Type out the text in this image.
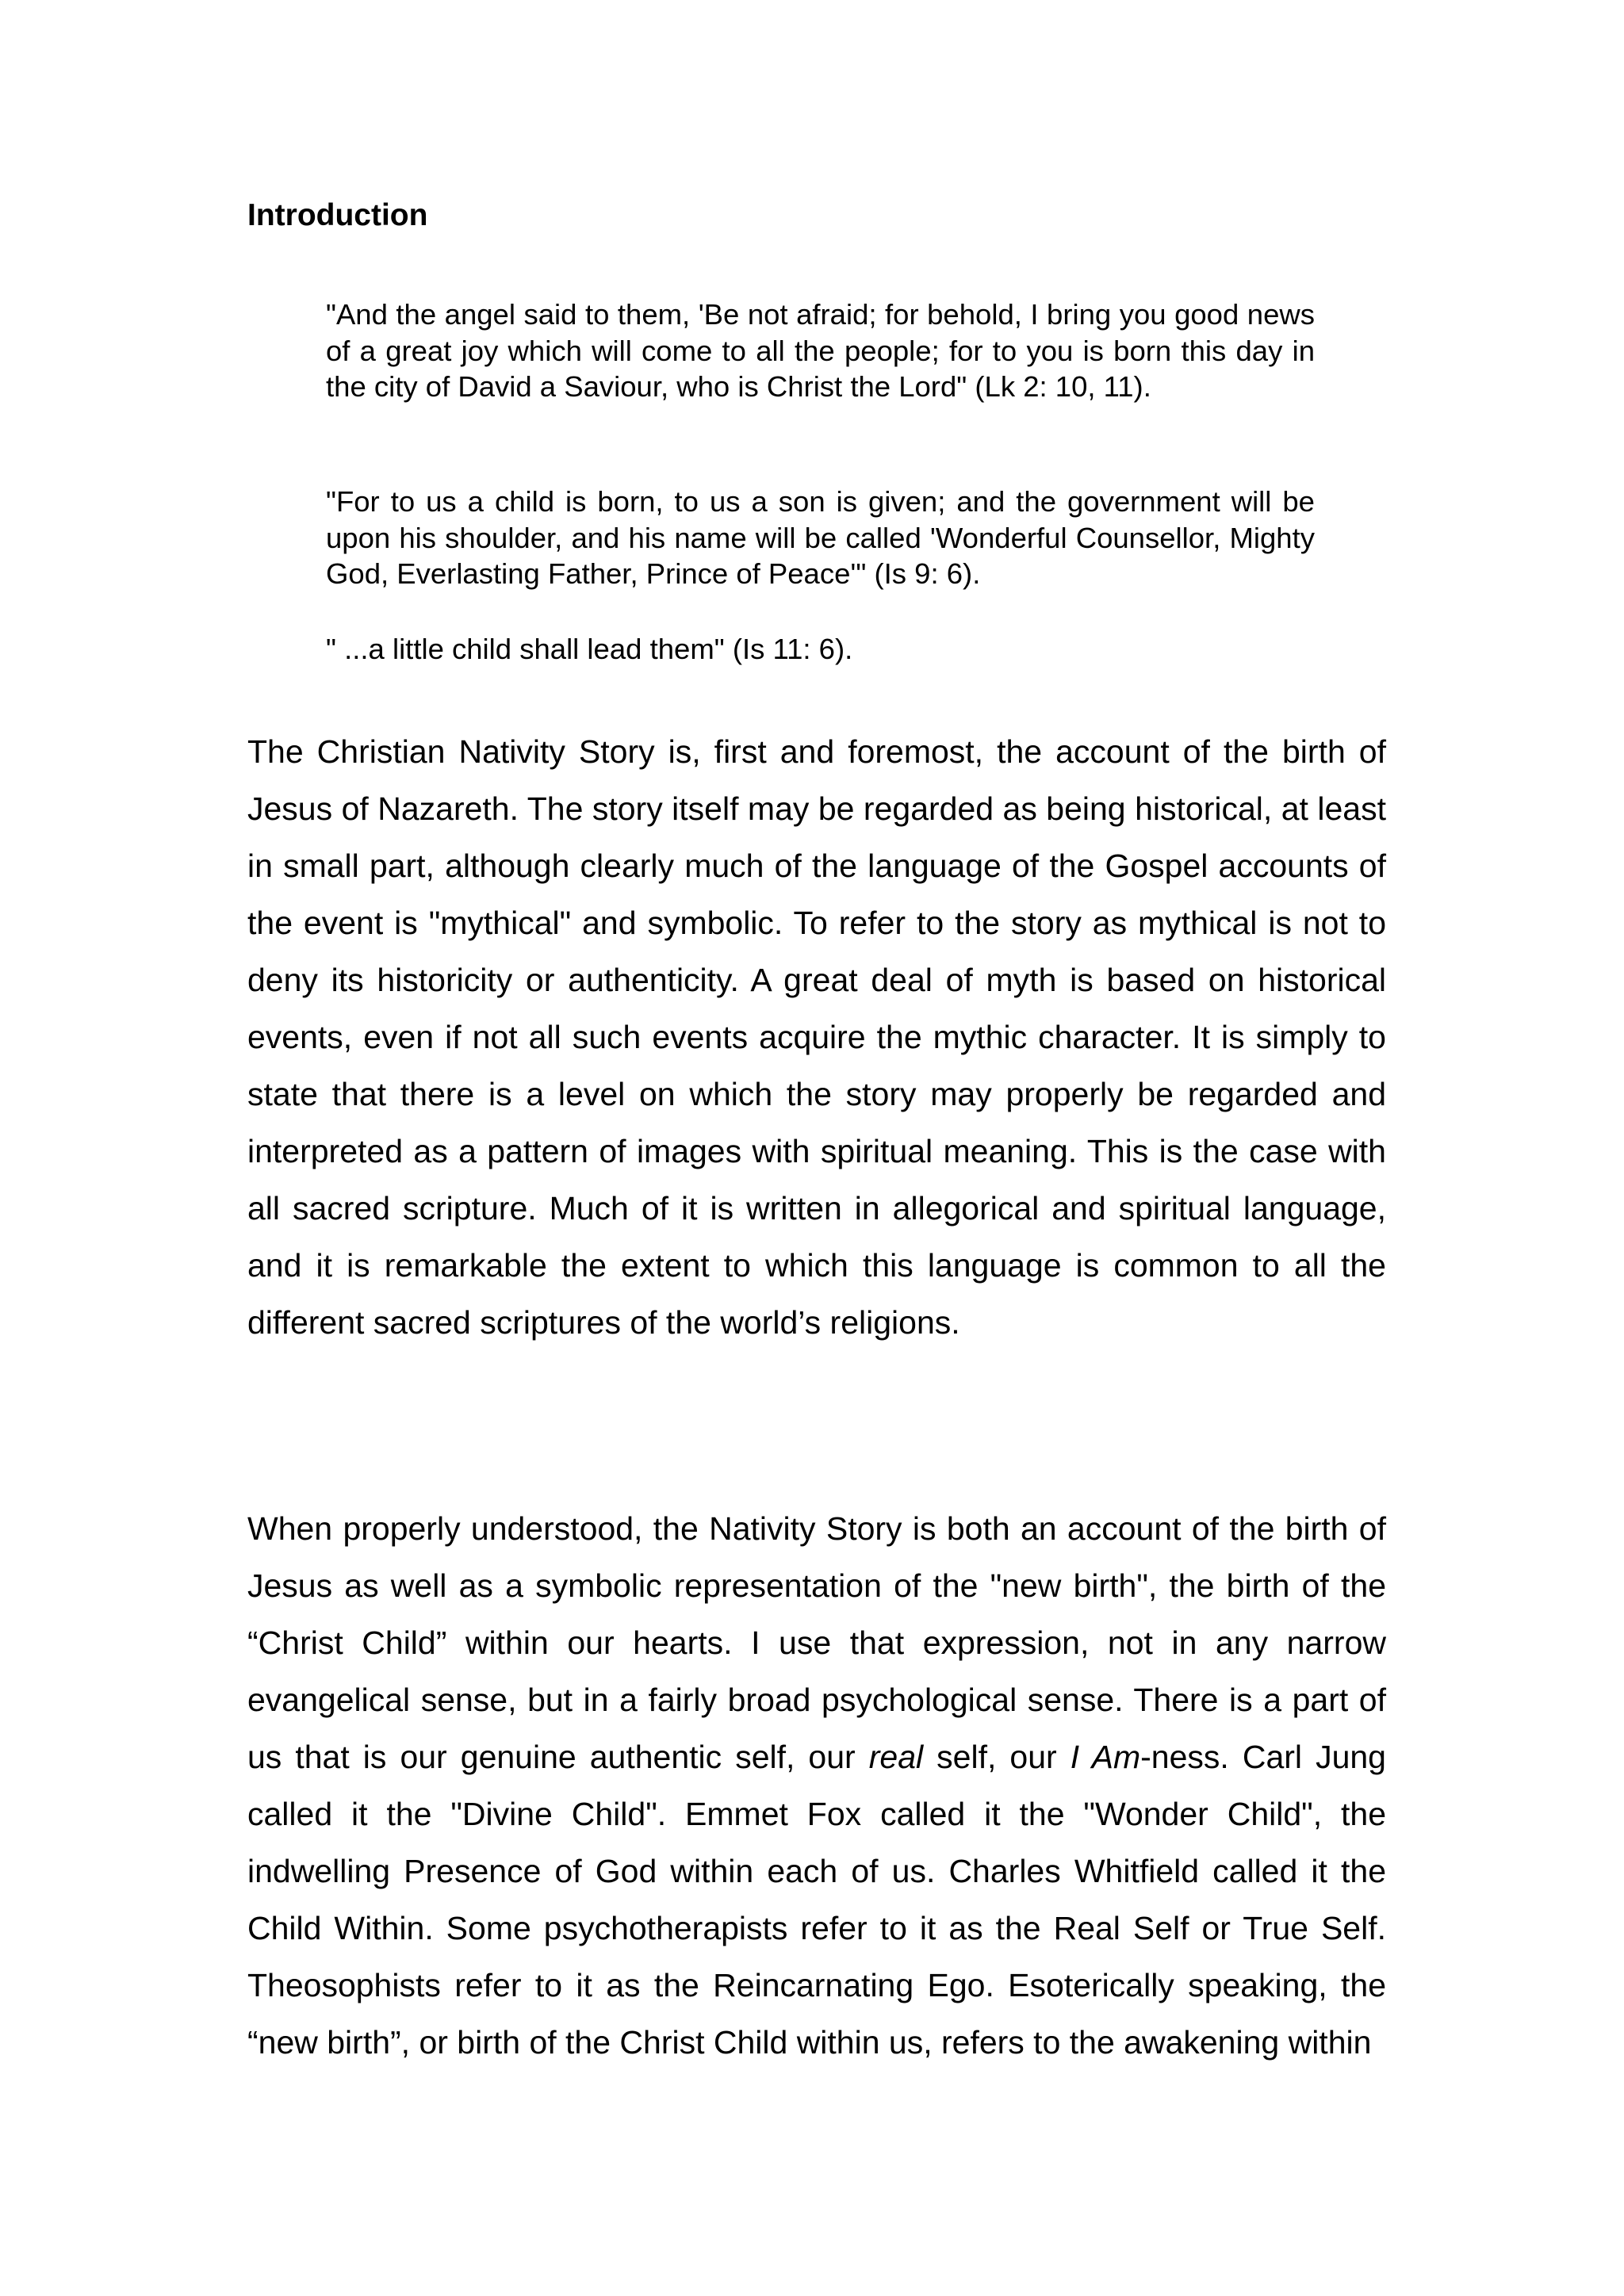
Introduction

"And the angel said to them, 'Be not afraid; for behold, I bring you good news of a great joy which will come to all the people; for to you is born this day in the city of David a Saviour, who is Christ the Lord" (Lk 2: 10, 11).

"For to us a child is born, to us a son is given; and the government will be upon his shoulder, and his name will be called 'Wonderful Counsellor, Mighty God, Everlasting Father, Prince of Peace'" (Is 9: 6).

" ...a little child shall lead them" (Is 11: 6).

The Christian Nativity Story is, first and foremost, the account of the birth of Jesus of Nazareth. The story itself may be regarded as being historical, at least in small part, although clearly much of the language of the Gospel accounts of the event is "mythical" and symbolic. To refer to the story as mythical is not to deny its historicity or authenticity. A great deal of myth is based on historical events, even if not all such events acquire the mythic character. It is simply to state that there is a level on which the story may properly be regarded and interpreted as a pattern of images with spiritual meaning. This is the case with all sacred scripture. Much of it is written in allegorical and spiritual language, and it is remarkable the extent to which this language is common to all the different sacred scriptures of the world’s religions.

When properly understood, the Nativity Story is both an account of the birth of Jesus as well as a symbolic representation of the "new birth", the birth of the “Christ Child” within our hearts. I use that expression, not in any narrow evangelical sense, but in a fairly broad psychological sense. There is a part of us that is our genuine authentic self, our real self, our I Am-ness. Carl Jung called it the "Divine Child". Emmet Fox called it the "Wonder Child", the indwelling Presence of God within each of us. Charles Whitfield called it the Child Within. Some psychotherapists refer to it as the Real Self or True Self. Theosophists refer to it as the Reincarnating Ego. Esoterically speaking, the “new birth”, or birth of the Christ Child within us, refers to the awakening within
